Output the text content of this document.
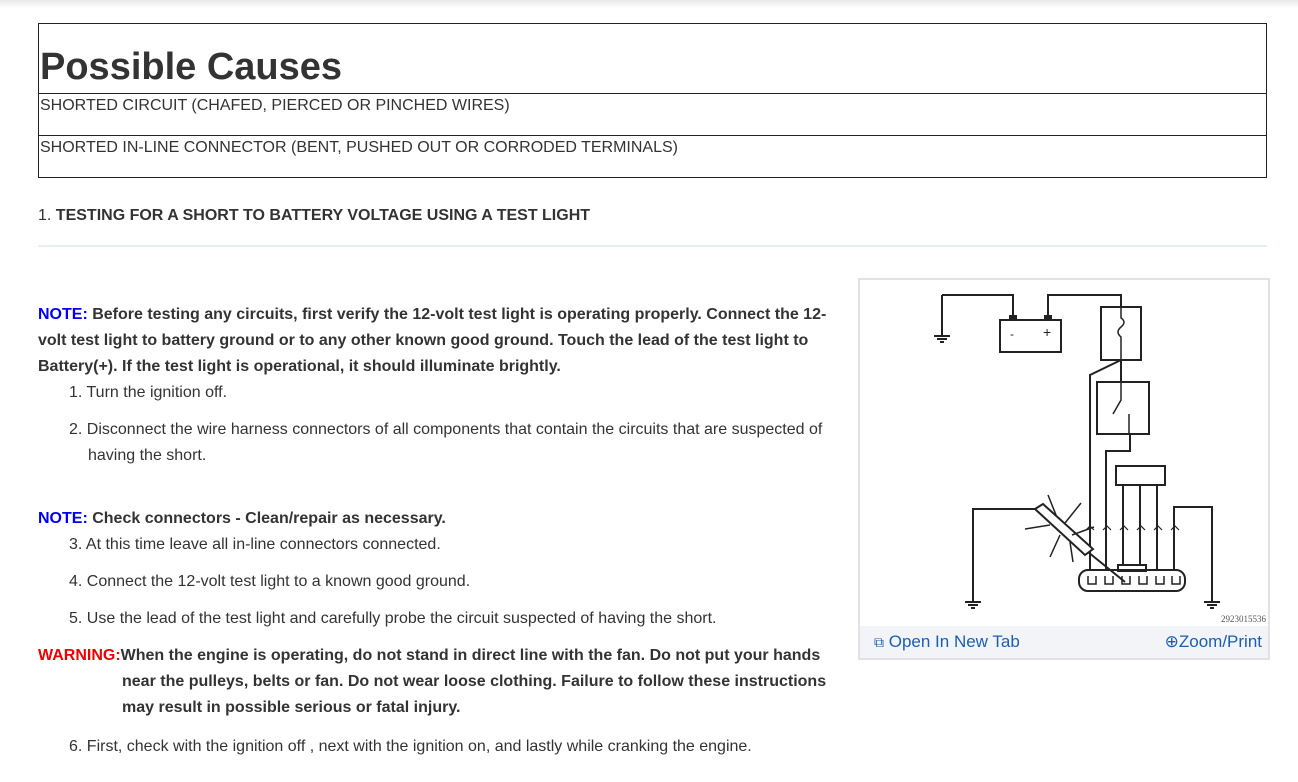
Possible Causes
SHORTED CIRCUIT (CHAFED, PIERCED OR PINCHED WIRES)
SHORTED IN-LINE CONNECTOR (BENT, PUSHED OUT OR CORRODED TERMINALS)
1. TESTING FOR A SHORT TO BATTERY VOLTAGE USING A TEST LIGHT
NOTE: Before testing any circuits, first verify the 12-volt test light is operating properly. Connect the 12-volt test light to battery ground or to any other known good ground. Touch the lead of the test light to Battery(+). If the test light is operational, it should illuminate brightly.

1. Turn the ignition off.

2. Disconnect the wire harness connectors of all components that contain the circuits that are suspected of having the short.

NOTE: Check connectors - Clean/repair as necessary.

3. At this time leave all in-line connectors connected.

4. Connect the 12-volt test light to a known good ground.

5. Use the lead of the test light and carefully probe the circuit suspected of having the short.

WARNING:When the engine is operating, do not stand in direct line with the fan. Do not put your hands near the pulleys, belts or fan. Do not wear loose clothing. Failure to follow these instructions may result in possible serious or fatal injury.

6. First, check with the ignition off , next with the ignition on, and lastly while cranking the engine.

- +
2923015536
⧉ Open In New Tab	⊕Zoom/Print
